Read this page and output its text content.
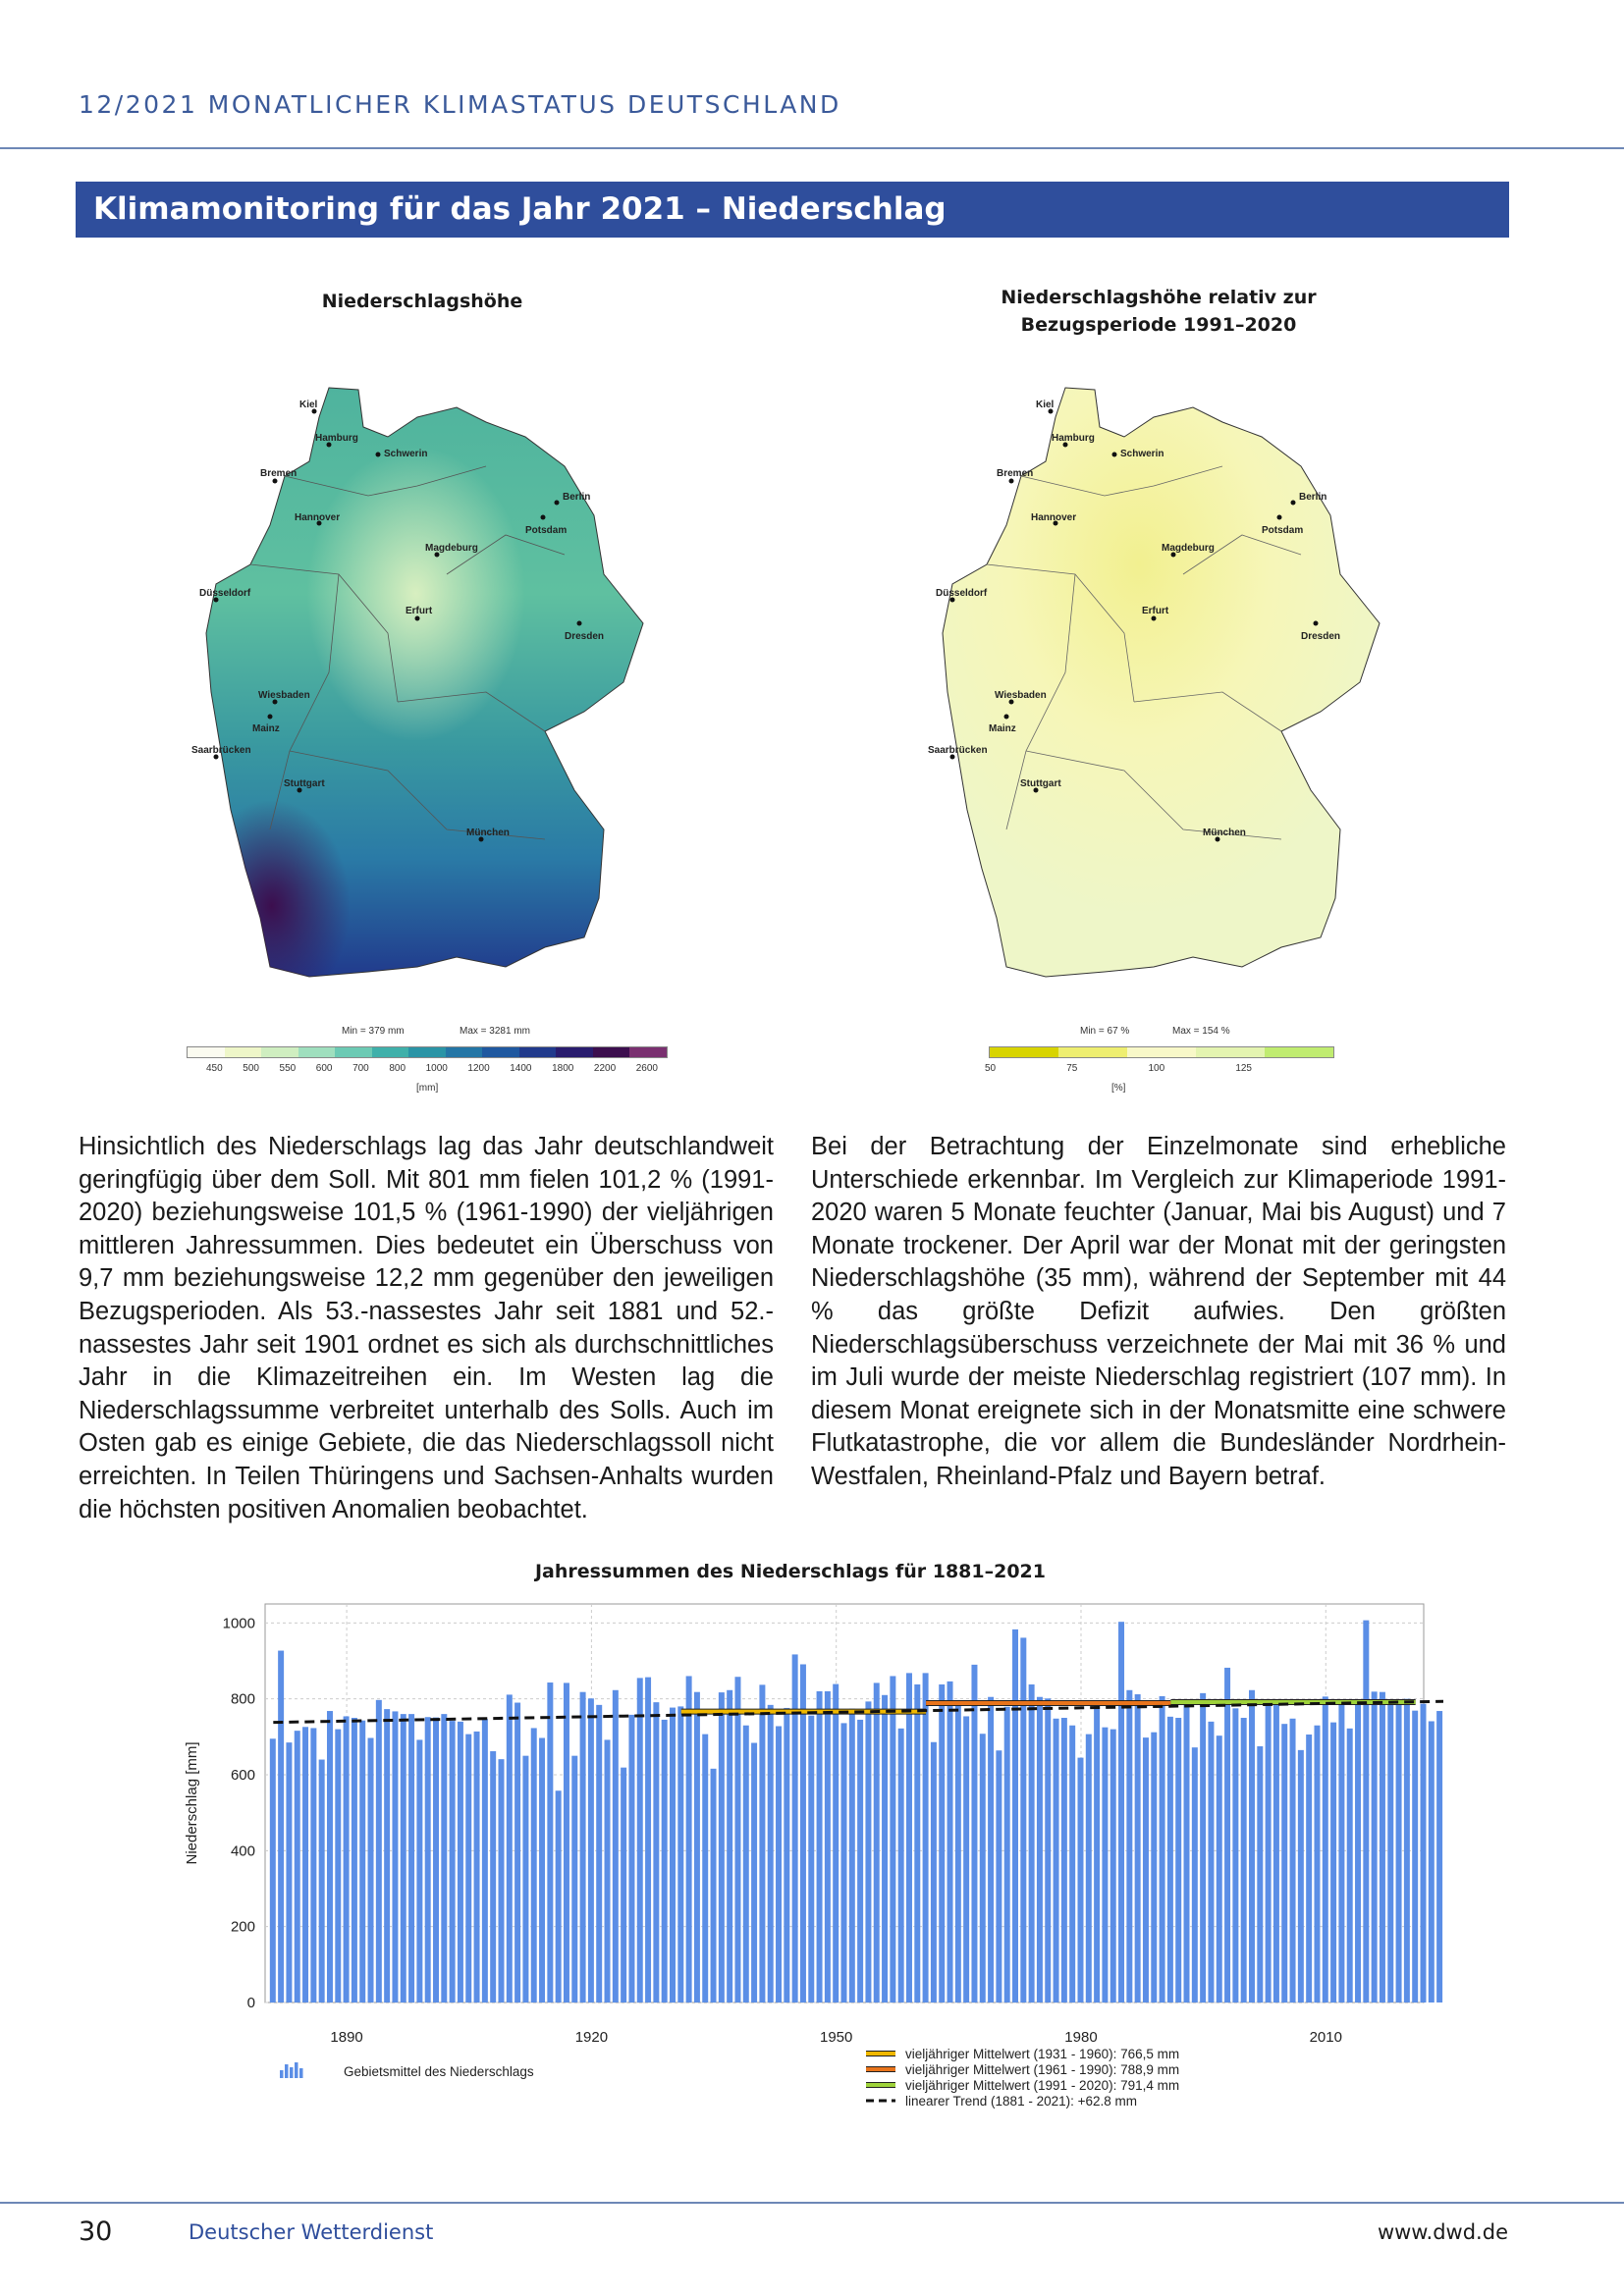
12/2021 MONATLICHER KLIMASTATUS DEUTSCHLAND
Klimamonitoring für das Jahr 2021 – Niederschlag
Niederschlagshöhe
Kiel
Hamburg
Schwerin
Bremen
Berlin
Hannover
Potsdam
Magdeburg
Düsseldorf
Erfurt
Dresden
Wiesbaden
Mainz
Saarbrücken
Stuttgart
München
Min = 379 mm	Max = 3281 mm
450 500 550 600 700 800 1000 1200 1400 1800 2200 2600
[mm]
Niederschlagshöhe relativ zur
Bezugsperiode 1991–2020
Kiel
Hamburg
Schwerin
Bremen
Berlin
Hannover
Potsdam
Magdeburg
Düsseldorf
Erfurt
Dresden
Wiesbaden
Mainz
Saarbrücken
Stuttgart
München
Min = 67 %	Max = 154 %
50	75	100	125
[%]
Hinsichtlich des Niederschlags lag das Jahr deutschlandweit geringfügig über dem Soll. Mit 801 mm fielen 101,2 % (1991-2020) beziehungsweise 101,5 % (1961-1990) der vieljährigen mittleren Jahressummen. Dies bedeutet ein Überschuss von 9,7 mm beziehungsweise 12,2 mm gegenüber den jeweiligen Bezugsperioden. Als 53.-nassestes Jahr seit 1881 und 52.-nassestes Jahr seit 1901 ordnet es sich als durchschnittliches Jahr in die Klimazeitreihen ein. Im Westen lag die Niederschlagssumme verbreitet unterhalb des Solls. Auch im Osten gab es einige Gebiete, die das Niederschlagssoll nicht erreichten. In Teilen Thüringens und Sachsen-Anhalts wurden die höchsten positiven Anomalien beobachtet.
Bei der Betrachtung der Einzelmonate sind erhebliche Unterschiede erkennbar. Im Vergleich zur Klimaperiode 1991-2020 waren 5 Monate feuchter (Januar, Mai bis August) und 7 Monate trockener. Der April war der Monat mit der geringsten Niederschlagshöhe (35 mm), während der September mit 44 % das größte Defizit aufwies. Den größten Niederschlagsüberschuss verzeichnete der Mai mit 36 % und im Juli wurde der meiste Niederschlag registriert (107 mm). In diesem Monat ereignete sich in der Monatsmitte eine schwere Flutkatastrophe, die vor allem die Bundesländer Nordrhein-Westfalen, Rheinland-Pfalz und Bayern betraf.
Jahressummen des Niederschlags für 1881–2021
0
200
400
600
800
1000
1890	1920	1950	1980	2010
Niederschlag [mm]
Gebietsmittel des Niederschlags
vieljähriger Mittelwert (1931 - 1960): 766,5 mm
vieljähriger Mittelwert (1961 - 1990): 788,9 mm
vieljähriger Mittelwert (1991 - 2020): 791,4 mm
linearer Trend (1881 - 2021): +62.8 mm
30	Deutscher Wetterdienst	www.dwd.de
